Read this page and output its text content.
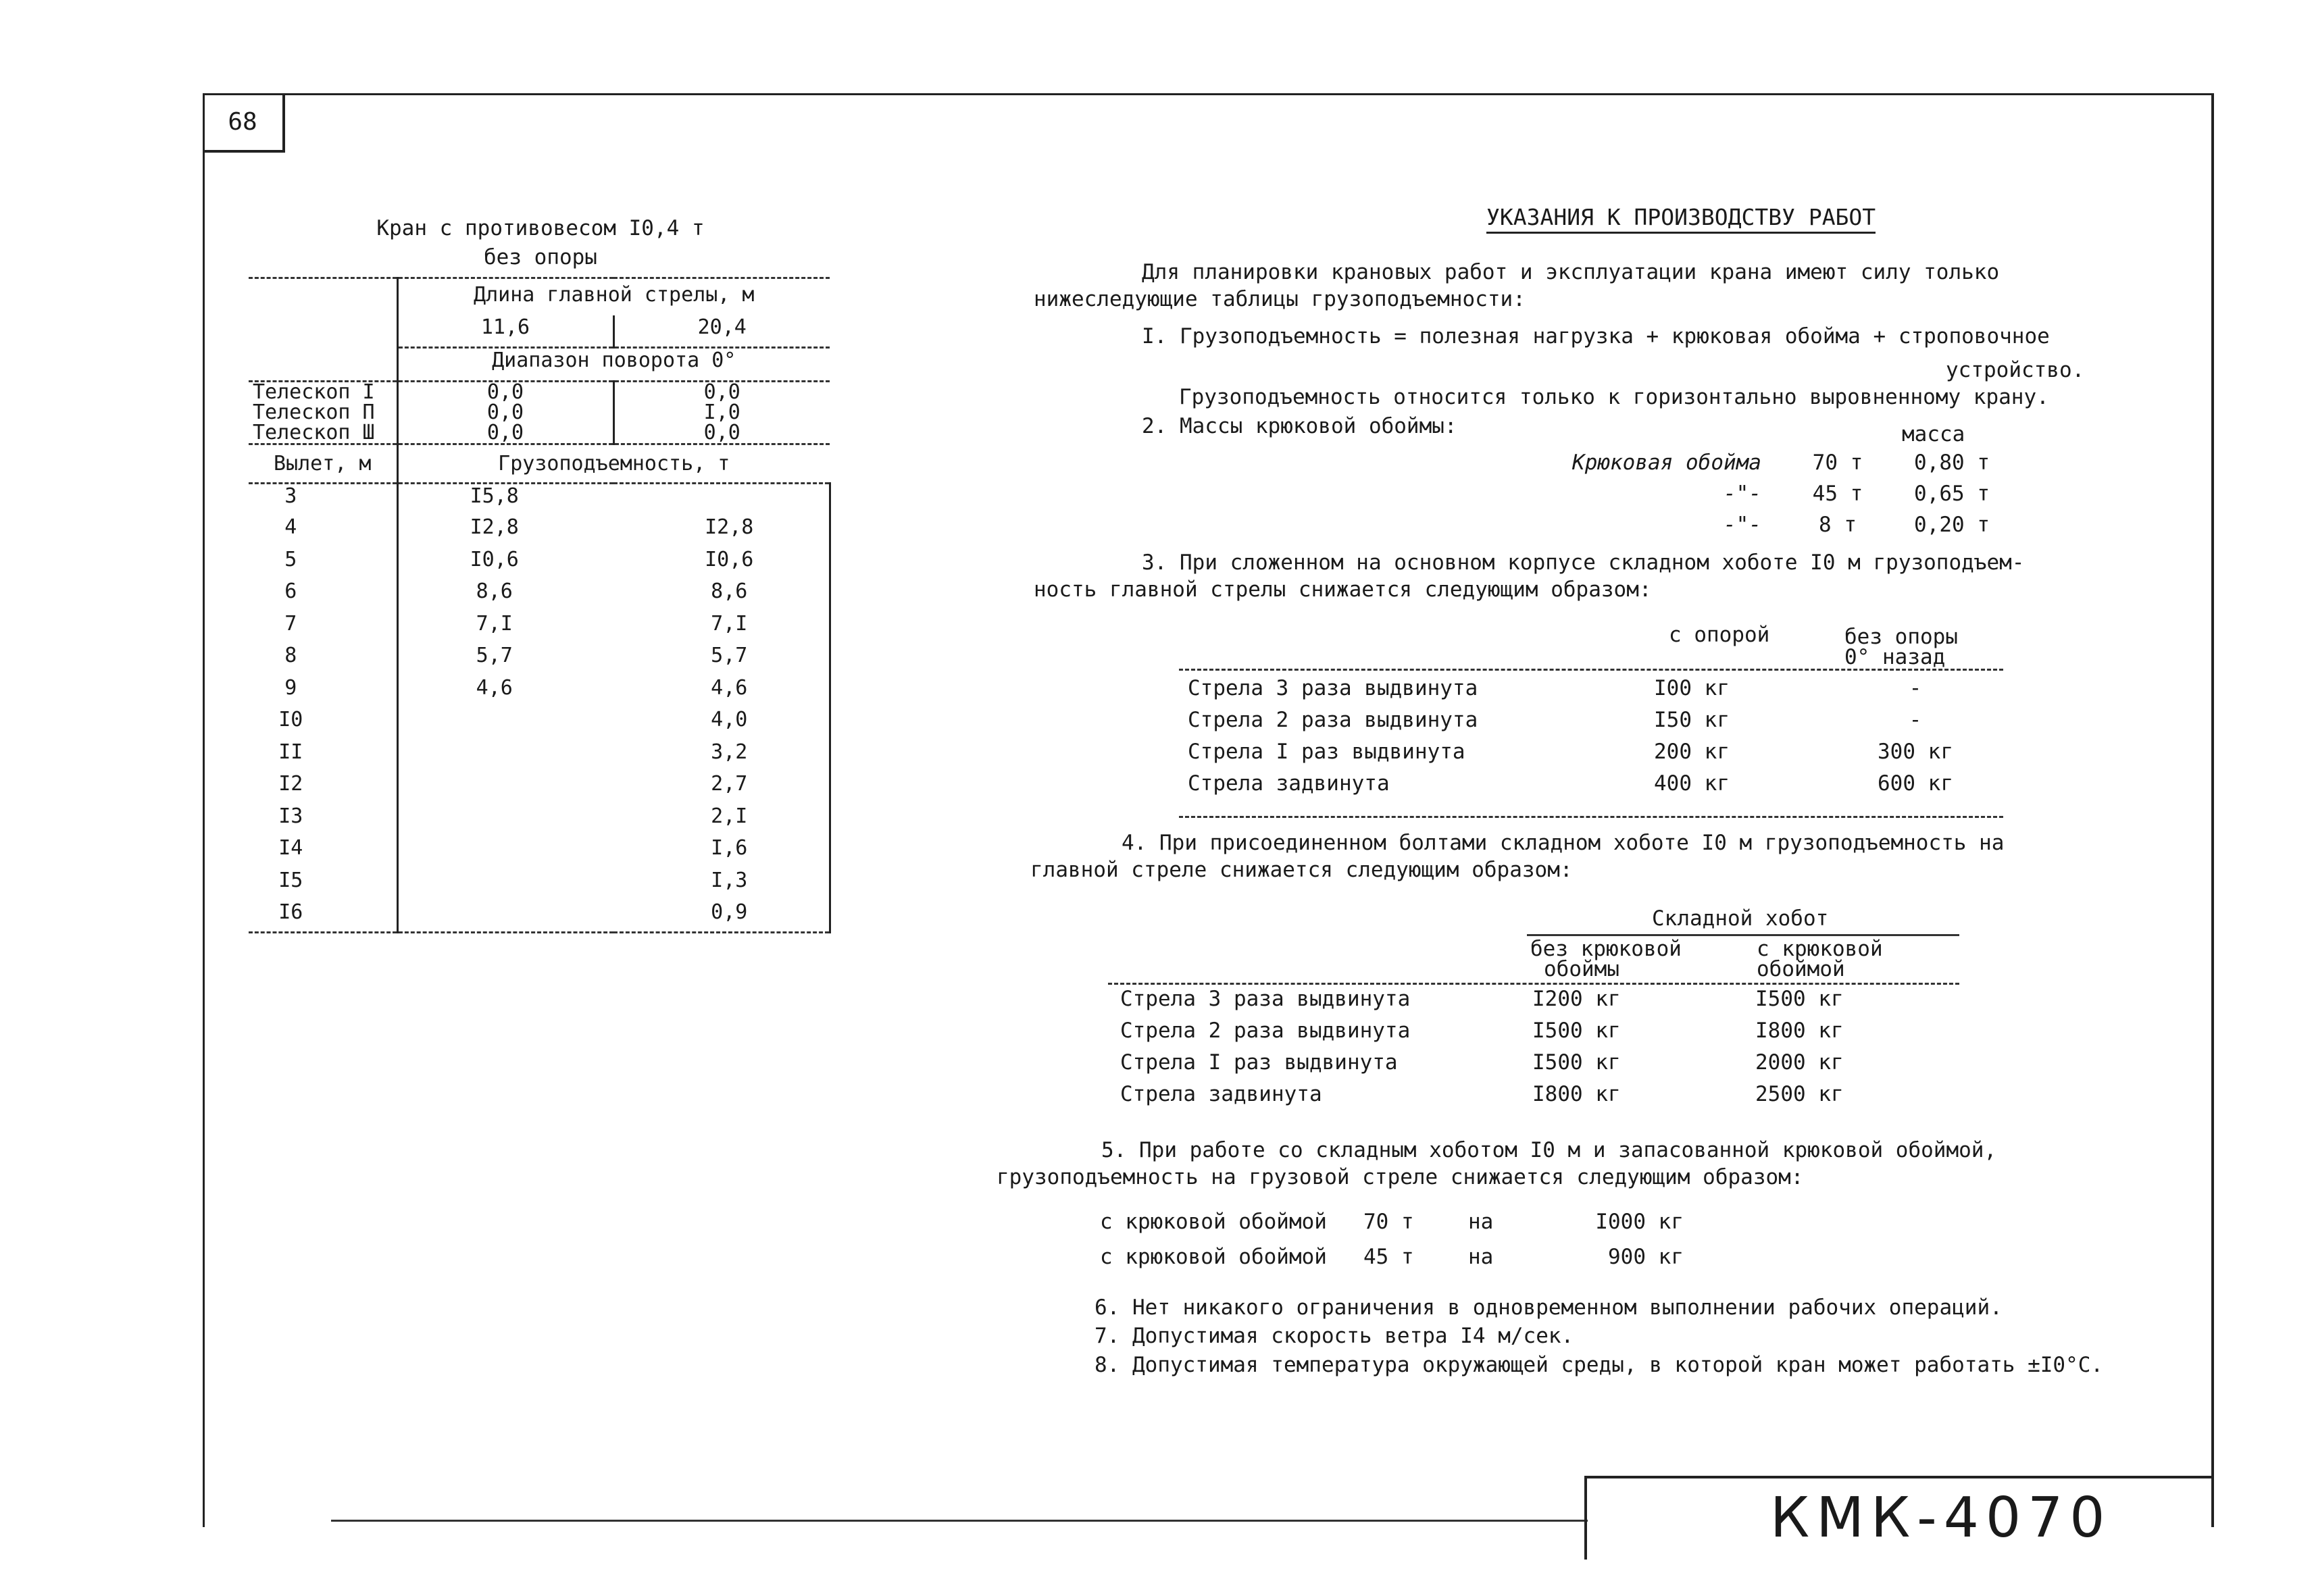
68
КМК-4070
Кран с противовесом I0,4 т
без опоры
	Длина главной стрелы, м	
	11,6	20,4
	Диапазон поворота 0°	
Телескоп I	0,0	0,0
Телескоп П	0,0	I,0
Телескоп Ш	0,0	0,0
Вылет, м	Грузоподъемность, т	
3	I5,8	
4	I2,8	I2,8
5	I0,6	I0,6
6	8,6	8,6
7	7,I	7,I
8	5,7	5,7
9	4,6	4,6
I0		4,0
II		3,2
I2		2,7
I3		2,I
I4		I,6
I5		I,3
I6		0,9
УКАЗАНИЯ К ПРОИЗВОДСТВУ РАБОТ
Для планировки крановых работ и эксплуатации крана имеют силу только
нижеследующие таблицы грузоподъемности:
I. Грузоподъемность = полезная нагрузка + крюковая обойма + строповочное
устройство.
Грузоподъемность относится только к горизонтально выровненному крану.
2. Массы крюковой обоймы:	масса
Крюковая обойма	70 т	0,80 т
-"-	45 т	0,65 т
-"-	8 т	0,20 т
3. При сложенном на основном корпусе складном хоботе I0 м грузоподъем-
ность главной стрелы снижается следующим образом:
с опорой	без опоры
0° назад
Стрела 3 раза выдвинута	I00 кг	-
Стрела 2 раза выдвинута	I50 кг	-
Стрела I раз выдвинута	200 кг	300 кг
Стрела задвинута	400 кг	600 кг
4. При присоединенном болтами складном хоботе I0 м грузоподъемность на
главной стреле снижается следующим образом:
Складной хобот
без крюковой
обоймы
с крюковой
обоймой
Стрела 3 раза выдвинута	I200 кг	I500 кг
Стрела 2 раза выдвинута	I500 кг	I800 кг
Стрела I раз выдвинута	I500 кг	2000 кг
Стрела задвинута	I800 кг	2500 кг
5. При работе со складным хоботом I0 м и запасованной крюковой обоймой,
грузоподъемность на грузовой стреле снижается следующим образом:
с крюковой обоймой	70 т	на	I000 кг
с крюковой обоймой	45 т	на	900 кг
6. Нет никакого ограничения в одновременном выполнении рабочих операций.
7. Допустимая скорость ветра I4 м/сек.
8. Допустимая температура окружающей среды, в которой кран может работать ±I0°C.
